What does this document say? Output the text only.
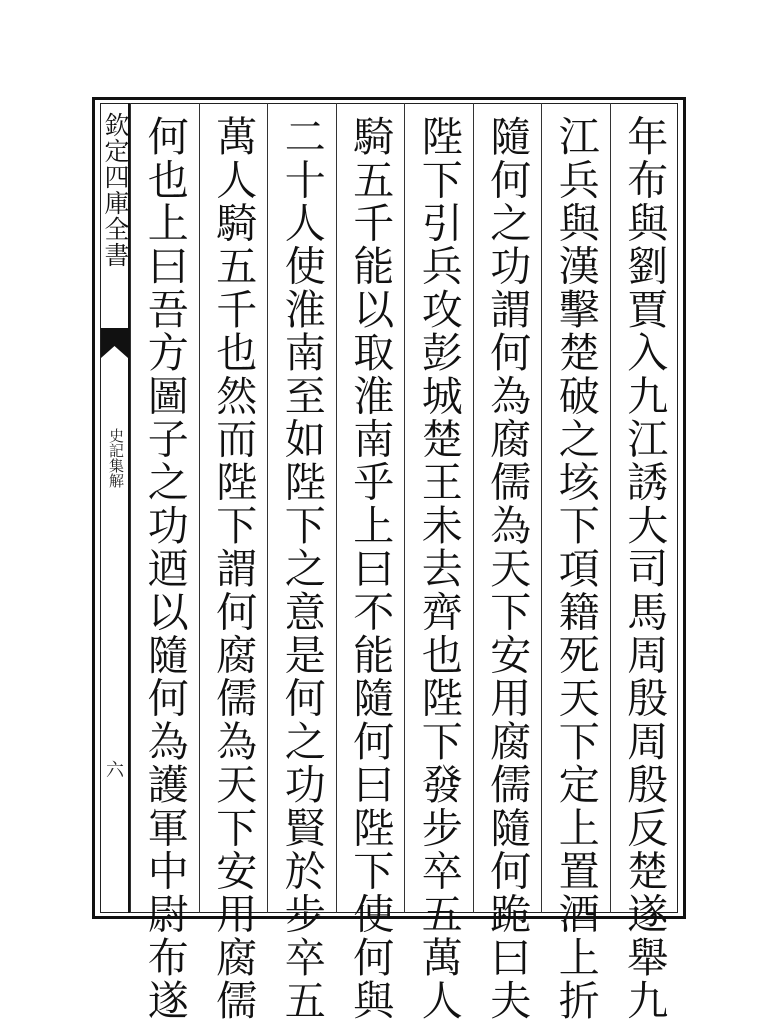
欽定四庫全書
史記集解
六	年布與劉賈入九江誘大司馬周殷周殷反楚遂舉九
江兵與漢擊楚破之垓下項籍死天下定上置酒上折
隨何之功謂何為腐儒為天下安用腐儒隨何跪曰夫
陛下引兵攻彭城楚王未去齊也陛下發步卒五萬人
騎五千能以取淮南乎上曰不能隨何曰陛下使何與
二十人使淮南至如陛下之意是何之功賢於步卒五
萬人騎五千也然而陛下謂何腐儒為天下安用腐儒
何也上曰吾方圖子之功迺以隨何為護軍中尉布遂
